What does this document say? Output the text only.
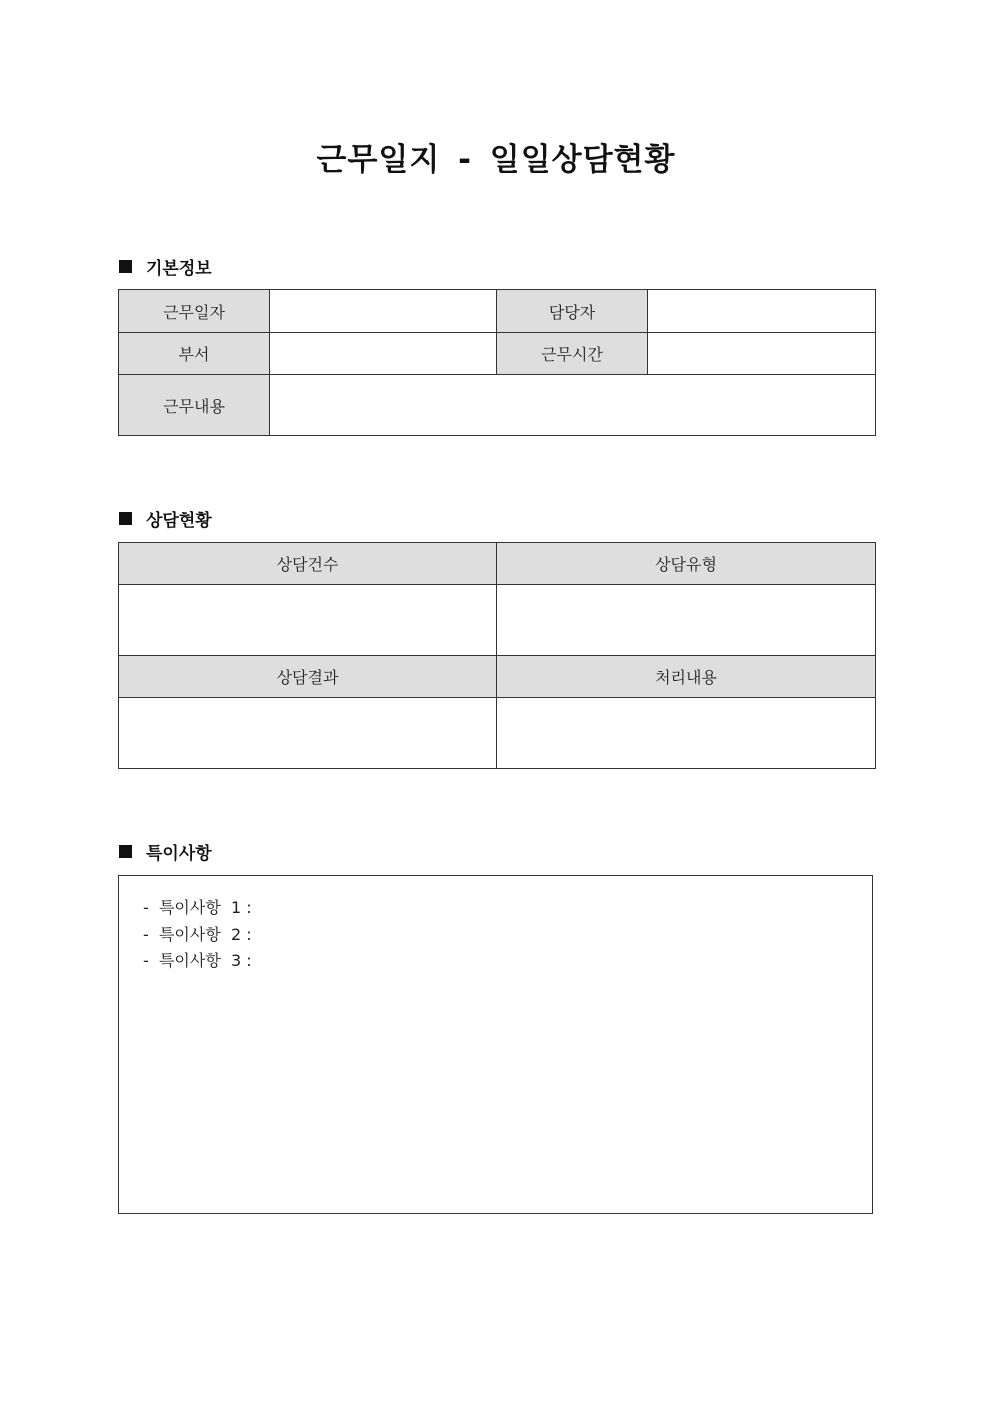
근무일지 - 일일상담현황
기본정보
근무일자		담당자	
부서		근무시간	
근무내용			
상담현황
상담건수	상담유형

상담결과	처리내용

특이사항
-  특이사항  1 :
-  특이사항  2 :
-  특이사항  3 :
